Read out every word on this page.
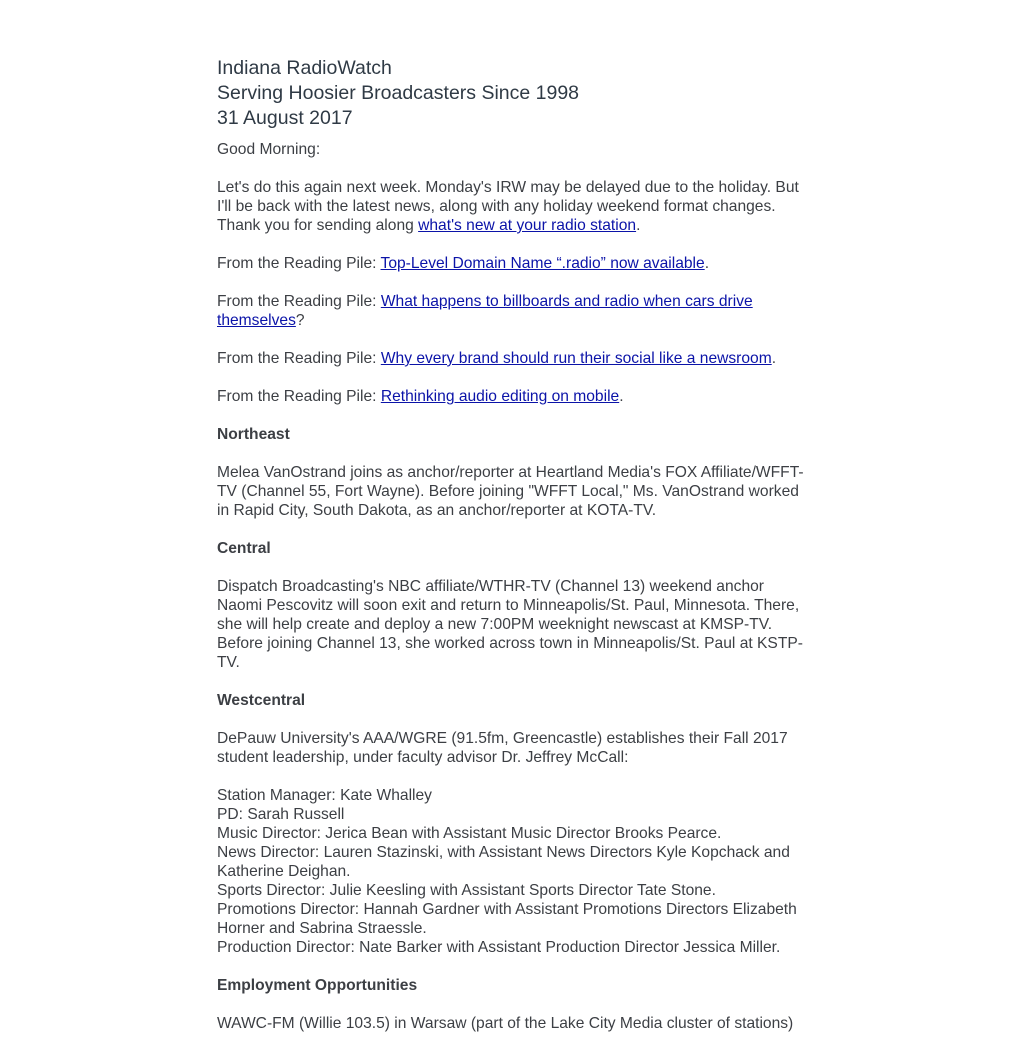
Indiana RadioWatch
Serving Hoosier Broadcasters Since 1998
31 August 2017

Good Morning:

Let's do this again next week. Monday's IRW may be delayed due to the holiday. But I'll be back with the latest news, along with any holiday weekend format changes. Thank you for sending along what's new at your radio station.

From the Reading Pile: Top-Level Domain Name “.radio” now available.

From the Reading Pile: What happens to billboards and radio when cars drive themselves?

From the Reading Pile: Why every brand should run their social like a newsroom.

From the Reading Pile: Rethinking audio editing on mobile.

Northeast

Melea VanOstrand joins as anchor/reporter at Heartland Media's FOX Affiliate/WFFT-TV (Channel 55, Fort Wayne). Before joining "WFFT Local," Ms. VanOstrand worked in Rapid City, South Dakota, as an anchor/reporter at KOTA-TV.

Central

Dispatch Broadcasting's NBC affiliate/WTHR-TV (Channel 13) weekend anchor Naomi Pescovitz will soon exit and return to Minneapolis/St. Paul, Minnesota. There, she will help create and deploy a new 7:00PM weeknight newscast at KMSP-TV. Before joining Channel 13, she worked across town in Minneapolis/St. Paul at KSTP-TV.

Westcentral

DePauw University's AAA/WGRE (91.5fm, Greencastle) establishes their Fall 2017 student leadership, under faculty advisor Dr. Jeffrey McCall:

Station Manager: Kate Whalley
PD: Sarah Russell
Music Director: Jerica Bean with Assistant Music Director Brooks Pearce.
News Director: Lauren Stazinski, with Assistant News Directors Kyle Kopchack and Katherine Deighan.
Sports Director: Julie Keesling with Assistant Sports Director Tate Stone.
Promotions Director: Hannah Gardner with Assistant Promotions Directors Elizabeth Horner and Sabrina Straessle.
Production Director: Nate Barker with Assistant Production Director Jessica Miller.

Employment Opportunities

WAWC-FM (Willie 103.5) in Warsaw (part of the Lake City Media cluster of stations)
